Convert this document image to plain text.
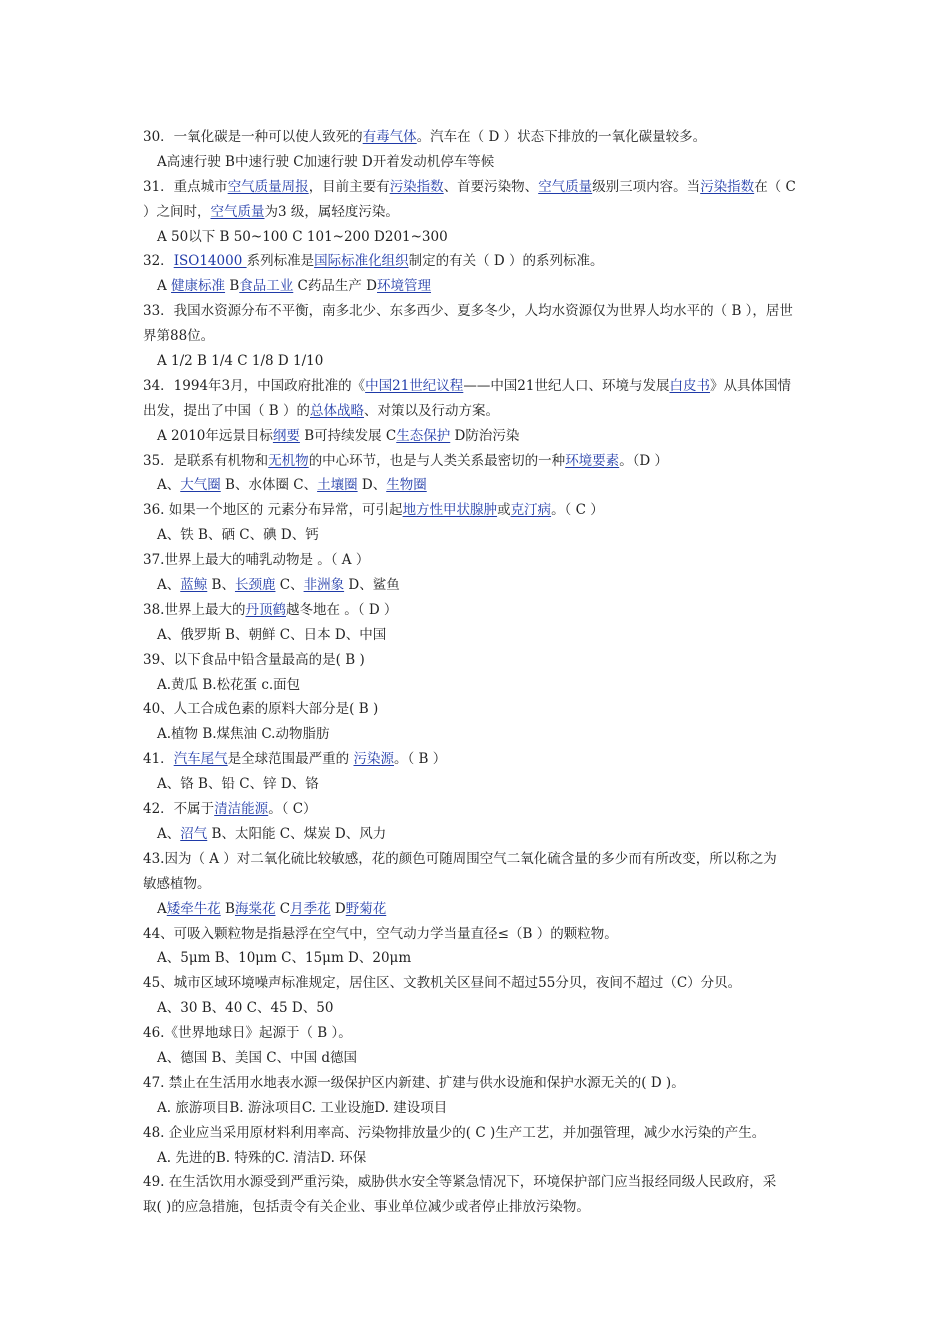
30．一氧化碳是一种可以使人致死的有毒气体。汽车在（ D ）状态下排放的一氧化碳量较多。
A高速行驶 B中速行驶 C加速行驶 D开着发动机停车等候
31．重点城市空气质量周报，目前主要有污染指数、首要污染物、空气质量级别三项内容。当污染指数在（ C
）之间时，空气质量为3 级，属轻度污染。
A 50以下 B 50~100 C 101~200 D201~300
32．ISO14000 系列标准是国际标准化组织制定的有关（ D ）的系列标准。
A 健康标准 B食品工业 C药品生产 D环境管理
33．我国水资源分布不平衡，南多北少、东多西少、夏多冬少，人均水资源仅为世界人均水平的（ B ），居世
界第88位。
A 1/2 B 1/4 C 1/8 D 1/10
34．1994年3月，中国政府批准的《中国21世纪议程——中国21世纪人口、环境与发展白皮书》从具体国情
出发，提出了中国（ B ）的总体战略、对策以及行动方案。
A 2010年远景目标纲要 B可持续发展 C生态保护 D防治污染
35．是联系有机物和无机物的中心环节，也是与人类关系最密切的一种环境要素。（D ）
A、大气圈 B、水体圈 C、土壤圈 D、生物圈
36. 如果一个地区的 元素分布异常，可引起地方性甲状腺肿或克汀病。（ C ）
A、铁 B、硒 C、碘 D、钙
37.世界上最大的哺乳动物是 。（ A ）
A、蓝鲸 B、长颈鹿 C、非洲象 D、鲨鱼
38.世界上最大的丹顶鹤越冬地在 。（ D ）
A、俄罗斯 B、朝鲜 C、日本 D、中国
39、以下食品中铅含量最高的是( B )
A.黄瓜 B.松花蛋 c.面包
40、人工合成色素的原料大部分是( B )
A.植物 B.煤焦油 C.动物脂肪
41．汽车尾气是全球范围最严重的 污染源。（ B ）
A、铬 B、铅 C、锌 D、铬
42．不属于清洁能源。（ C）
A、沼气 B、太阳能 C、煤炭 D、风力
43.因为（ A ）对二氧化硫比较敏感，花的颜色可随周围空气二氧化硫含量的多少而有所改变，所以称之为
敏感植物。
A矮牵牛花 B海棠花 C月季花 D野菊花
44、可吸入颗粒物是指悬浮在空气中，空气动力学当量直径≤（B ）的颗粒物。
A、5μm B、10μm C、15μm D、20μm
45、城市区域环境噪声标准规定，居住区、文教机关区昼间不超过55分贝，夜间不超过（C）分贝。
A、30 B、40 C、45 D、50
46.《世界地球日》起源于（ B ）。
A、德国 B、美国 C、中国 d德国
47. 禁止在生活用水地表水源一级保护区内新建、扩建与供水设施和保护水源无关的( D )。
A. 旅游项目B. 游泳项目C. 工业设施D. 建设项目
48. 企业应当采用原材料利用率高、污染物排放量少的( C )生产工艺，并加强管理，减少水污染的产生。
A. 先进的B. 特殊的C. 清洁D. 环保
49. 在生活饮用水源受到严重污染，威胁供水安全等紧急情况下，环境保护部门应当报经同级人民政府，采
取( )的应急措施，包括责令有关企业、事业单位减少或者停止排放污染物。
